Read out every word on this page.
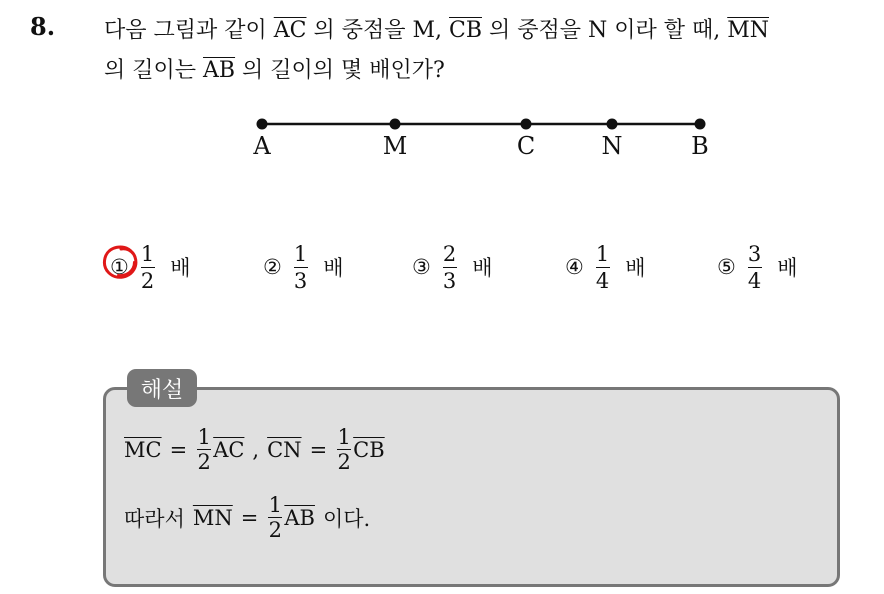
8. 다음 그림과 같이 $\overline{AC}$ 의 중점을 M, $\overline{CB}$ 의 중점을 N 이라 할 때, $\overline{MN}$
의 길이는 $\overline{AB}$ 의 길이의 몇 배인가?
A	M	C	N	B
① $\frac{1}{2}$ 배	② $\frac{1}{3}$ 배	③ $\frac{2}{3}$ 배	④ $\frac{1}{4}$ 배	⑤ $\frac{3}{4}$ 배
해설
$\overline{MC}$ =
1
2
$\overline{AC}$ , $\overline{CN}$ =
1
2
$\overline{CB}$
따라서 $\overline{MN}$ =
1
2
$\overline{AB}$ 이다.
